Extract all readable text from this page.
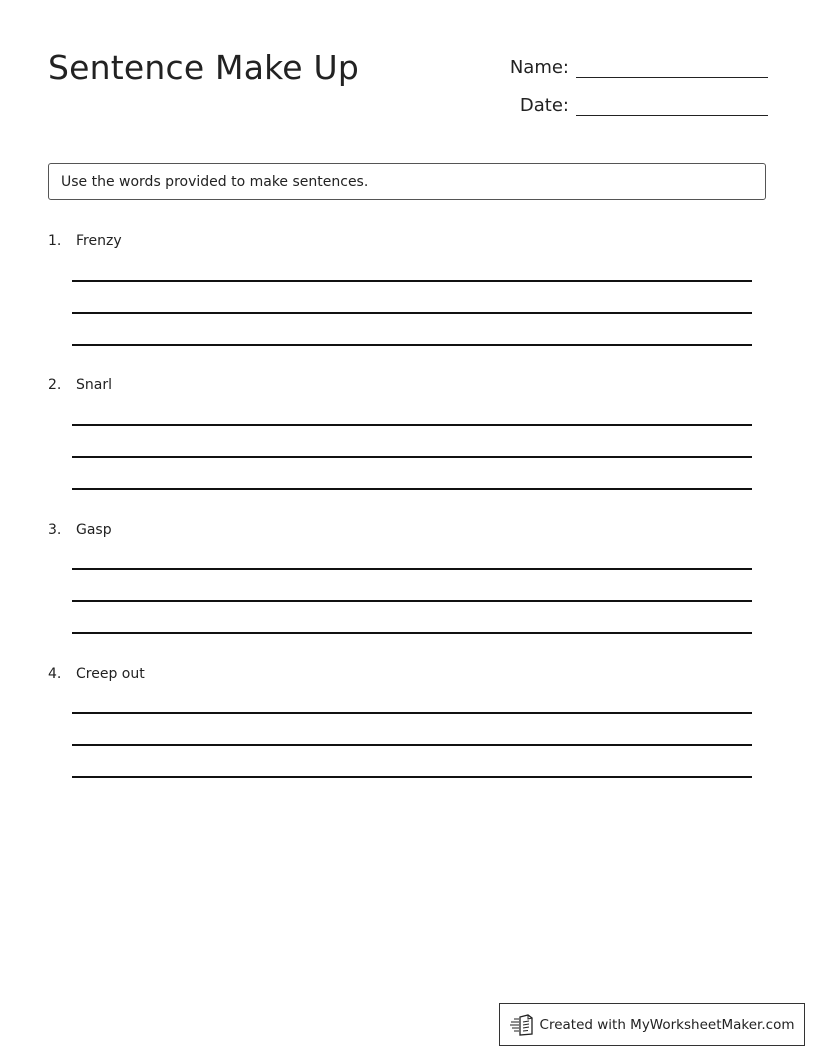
Sentence Make Up	Name:
Date:
Use the words provided to make sentences.
1.	Frenzy
2.	Snarl
3.	Gasp
4.	Creep out
Created with MyWorksheetMaker.com
